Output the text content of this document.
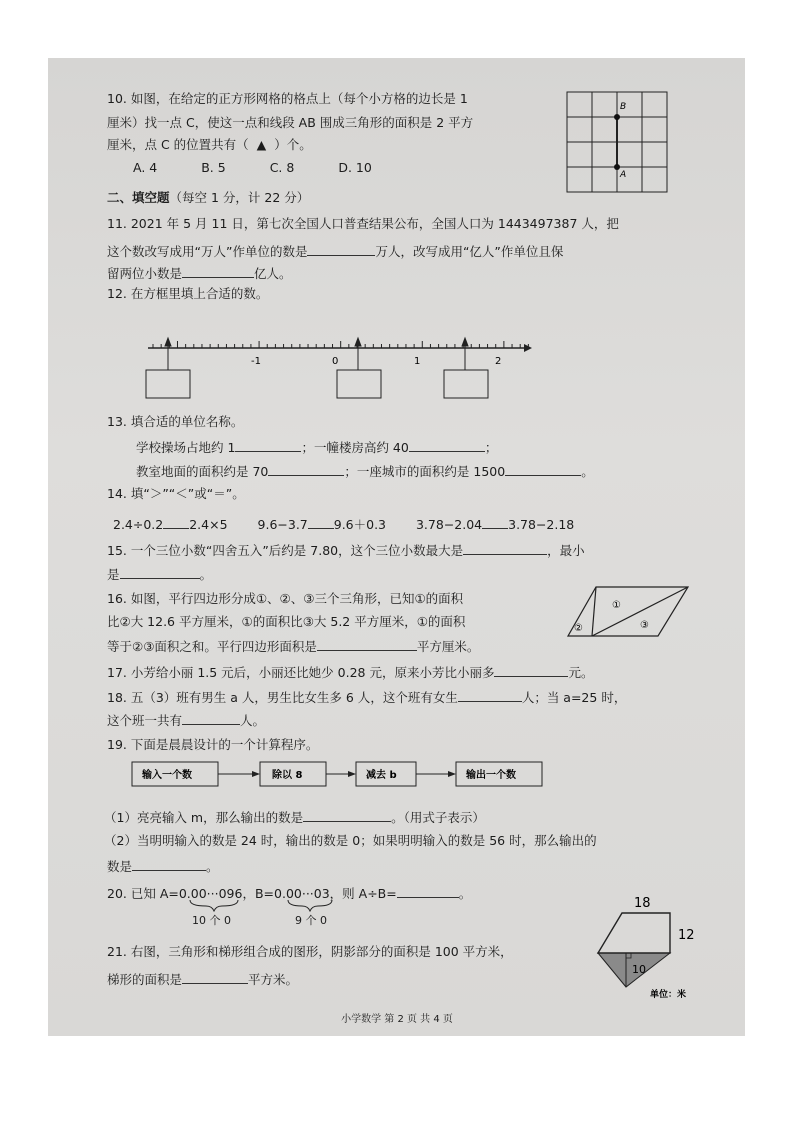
10. 如图，在给定的正方形网格的格点上（每个小方格的边长是 1
厘米）找一点 C，使这一点和线段 AB 围成三角形的面积是 2 平方
厘米，点 C 的位置共有（ ▲ ）个。
A. 4	B. 5	C. 8	D. 10
B
A
二、填空题（每空 1 分，计 22 分）
11. 2021 年 5 月 11 日，第七次全国人口普查结果公布，全国人口为 1443497387 人，把
这个数改写成用“万人”作单位的数是	万人，改写成用“亿人”作单位且保
留两位小数是	亿人。
12. 在方框里填上合适的数。
-1	0	1	2
13. 填合适的单位名称。
学校操场占地约 1	；一幢楼房高约 40	；
教室地面的面积约是 70	；一座城市的面积约是 1500	。
14. 填“＞”“＜”或“＝”。
2.4÷0.2 2.4×5 9.6−3.7 9.6＋0.3 3.78−2.04 3.78−2.18
15. 一个三位小数“四舍五入”后约是 7.80，这个三位小数最大是	，最小
是	。
16. 如图，平行四边形分成①、②、③三个三角形，已知①的面积
比②大 12.6 平方厘米，①的面积比③大 5.2 平方厘米，①的面积
等于②③面积之和。平行四边形面积是	平方厘米。
①
②	③
17. 小芳给小丽 1.5 元后，小丽还比她少 0.28 元，原来小芳比小丽多	元。
18. 五（3）班有男生 a 人，男生比女生多 6 人，这个班有女生	人；当 a=25 时，
这个班一共有	人。
19. 下面是晨晨设计的一个计算程序。
输入一个数	除以 8	减去 b	输出一个数
（1）亮亮输入 m，那么输出的数是	。（用式子表示）
（2）当明明输入的数是 24 时，输出的数是 0；如果明明输入的数是 56 时，那么输出的
数是	。
20. 已知 A=0.00···096，B=0.00···03，则 A÷B=	。
10 个 0	9 个 0
21. 右图，三角形和梯形组合成的图形，阴影部分的面积是 100 平方米，
梯形的面积是	平方米。
18
12
10
单位：米
小学数学 第 2 页 共 4 页
